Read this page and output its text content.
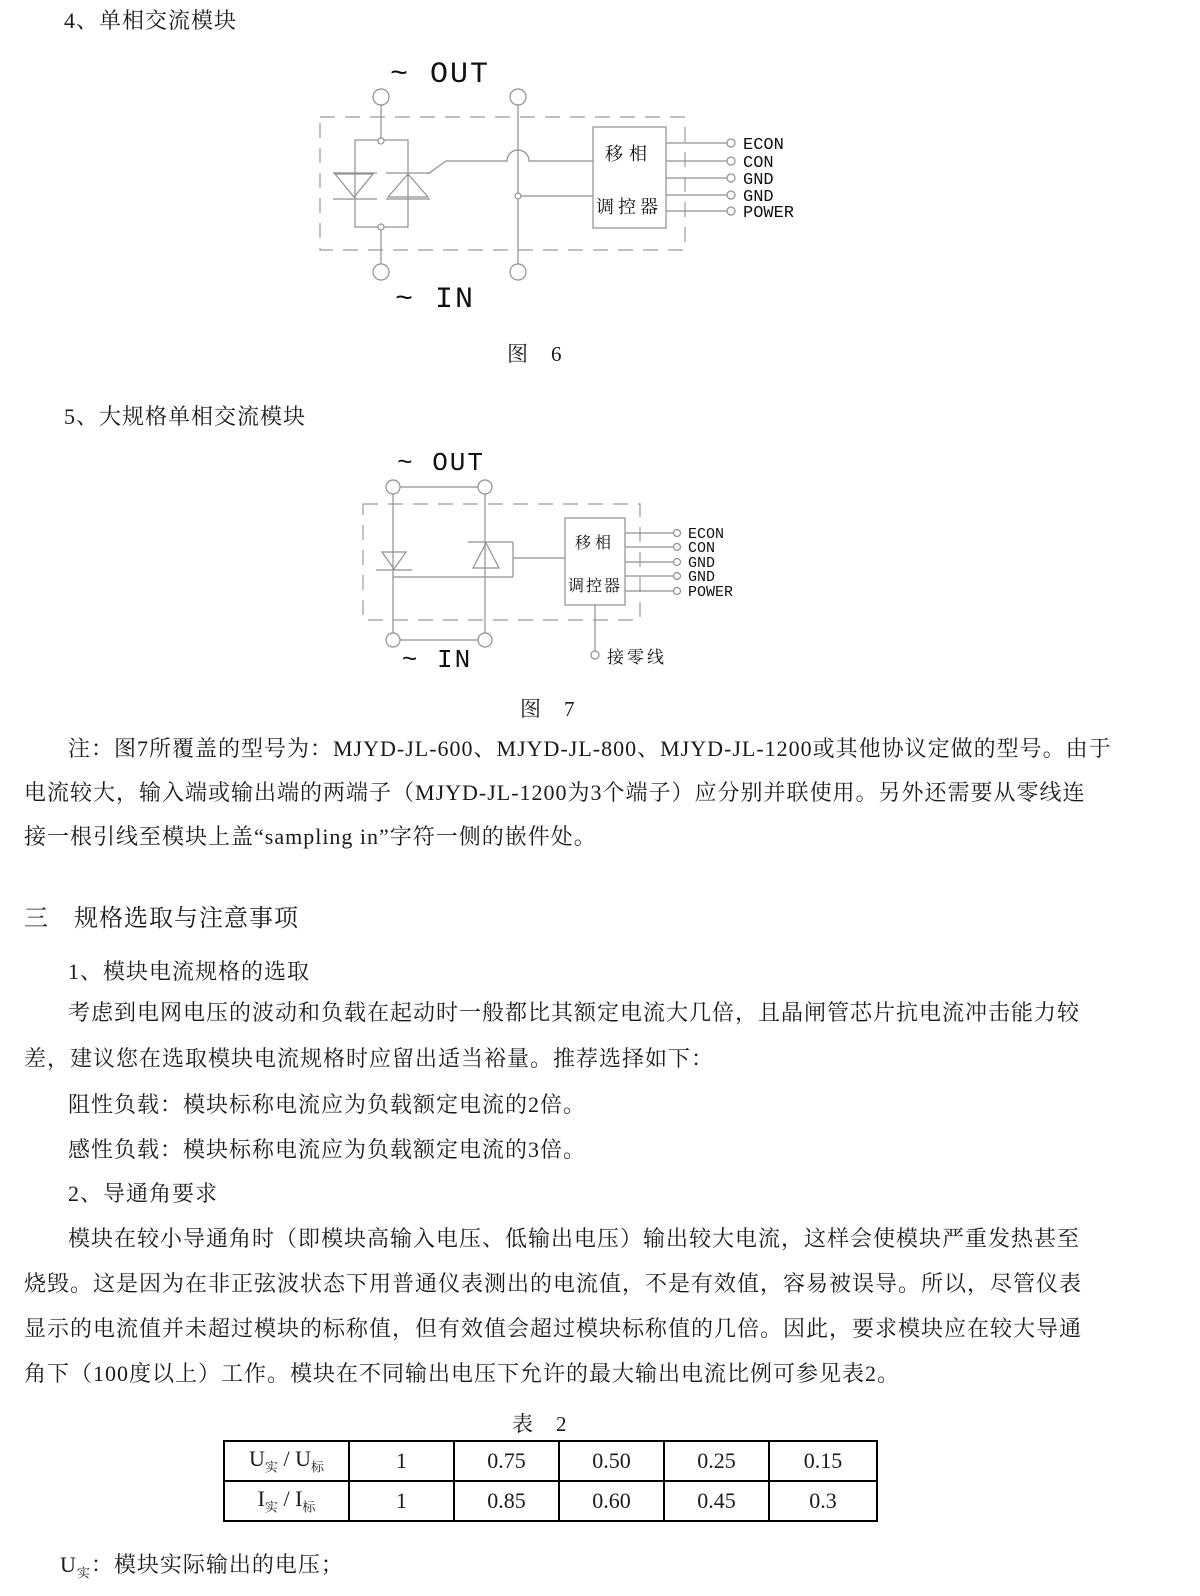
4、单相交流模块
~ OUT
~ IN
移相
调控器
ECON
CON
GND
GND
POWER
图　6
5、大规格单相交流模块
~ OUT
~ IN
移相
调控器
ECON
CON
GND
GND
POWER
接零线
图　7
注：图7所覆盖的型号为：MJYD-JL-600、MJYD-JL-800、MJYD-JL-1200或其他协议定做的型号。由于
电流较大，输入端或输出端的两端子（MJYD-JL-1200为3个端子）应分别并联使用。另外还需要从零线连
接一根引线至模块上盖“sampling in”字符一侧的嵌件处。
三　规格选取与注意事项
1、模块电流规格的选取
考虑到电网电压的波动和负载在起动时一般都比其额定电流大几倍，且晶闸管芯片抗电流冲击能力较
差，建议您在选取模块电流规格时应留出适当裕量。推荐选择如下：
阻性负载：模块标称电流应为负载额定电流的2倍。
感性负载：模块标称电流应为负载额定电流的3倍。
2、导通角要求
模块在较小导通角时（即模块高输入电压、低输出电压）输出较大电流，这样会使模块严重发热甚至
烧毁。这是因为在非正弦波状态下用普通仪表测出的电流值，不是有效值，容易被误导。所以，尽管仪表
显示的电流值并未超过模块的标称值，但有效值会超过模块标称值的几倍。因此，要求模块应在较大导通
角下（100度以上）工作。模块在不同输出电压下允许的最大输出电流比例可参见表2。
表　2
$U_实 / U_标$	1	0.75	0.50	0.25	0.15
$I_实 / I_标$	1	0.85	0.60	0.45	0.3
$U_实$：模块实际输出的电压；
